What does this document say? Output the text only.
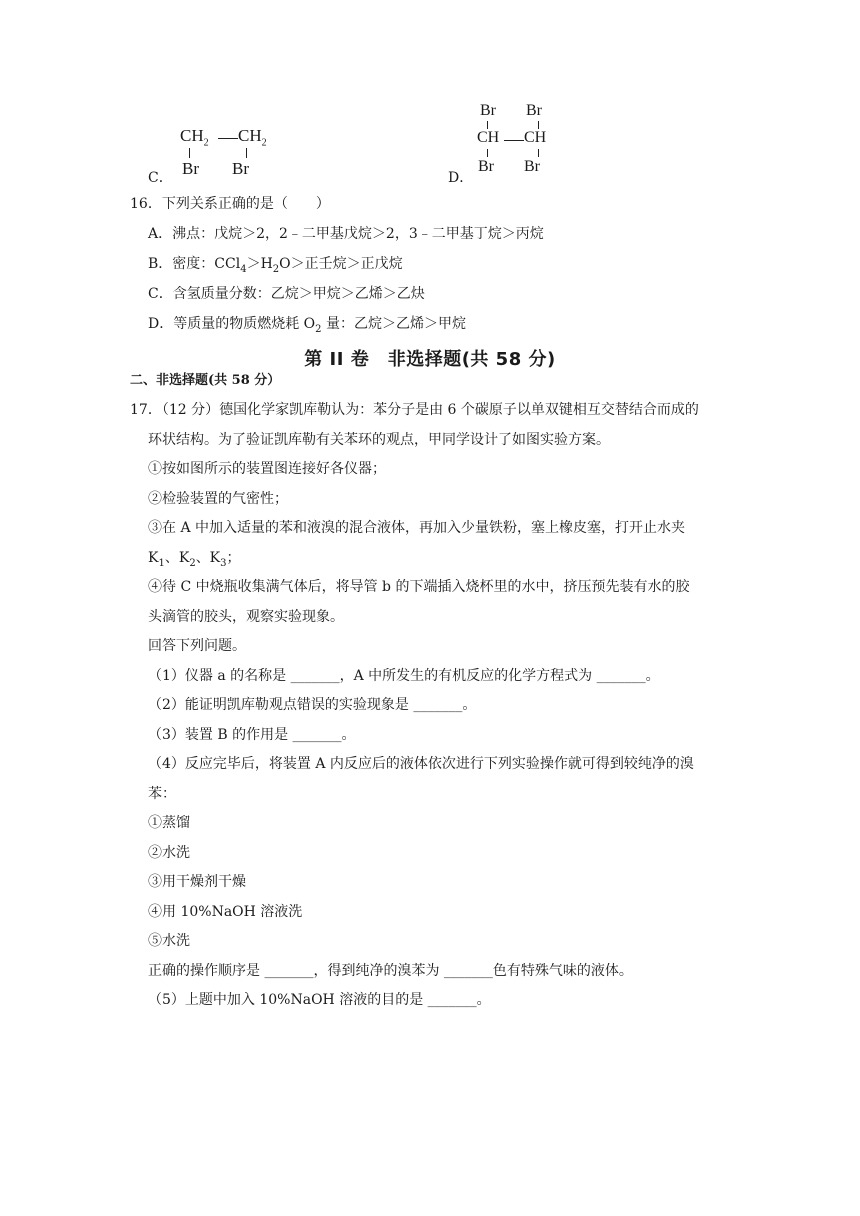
C．
$CH_2$ $CH_2$
Br Br	D．
Br Br
CH CH
Br Br
16．下列关系正确的是（　　）
A．沸点：戊烷＞2，2﹣二甲基戊烷＞2，3﹣二甲基丁烷＞丙烷
B．密度：$CCl_4>H_2O>$正壬烷＞正戊烷
C．含氢质量分数：乙烷＞甲烷＞乙烯＞乙炔
D．等质量的物质燃烧耗 $O_2$ 量：乙烷＞乙烯＞甲烷
第 II 卷　非选择题(共 58 分)
二、非选择题(共 58 分）
17．（12 分）德国化学家凯库勒认为：苯分子是由 6 个碳原子以单双键相互交替结合而成的
环状结构。为了验证凯库勒有关苯环的观点，甲同学设计了如图实验方案。
①按如图所示的装置图连接好各仪器；
②检验装置的气密性；
③在 A 中加入适量的苯和液溴的混合液体，再加入少量铁粉，塞上橡皮塞，打开止水夹
$K_1$、$K_2$、$K_3$；
④待 C 中烧瓶收集满气体后，将导管 b 的下端插入烧杯里的水中，挤压预先装有水的胶
头滴管的胶头，观察实验现象。
回答下列问题。
（1）仪器 a 的名称是 _______，A 中所发生的有机反应的化学方程式为 _______。
（2）能证明凯库勒观点错误的实验现象是 _______。
（3）装置 B 的作用是 _______。
（4）反应完毕后，将装置 A 内反应后的液体依次进行下列实验操作就可得到较纯净的溴
苯：
①蒸馏
②水洗
③用干燥剂干燥
④用 10%NaOH 溶液洗
⑤水洗
正确的操作顺序是 _______，得到纯净的溴苯为 _______色有特殊气味的液体。
（5）上题中加入 10%NaOH 溶液的目的是 _______。
